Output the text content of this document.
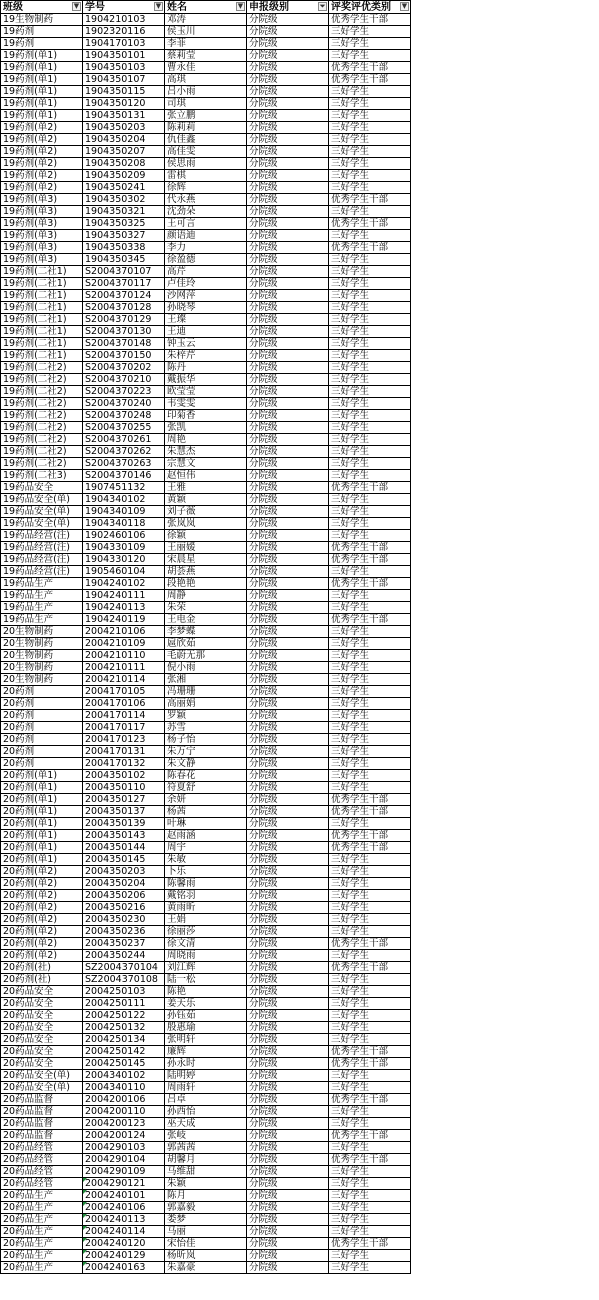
班级 ▼	学号 ▼	姓名 ▼	申报级别 ⏷	评奖评优类别 ▼

19生物制药	1904210103	邓涛	分院级	优秀学生干部
19药剂	1902320116	侯玉川	分院级	三好学生
19药剂	1904170103	李菲	分院级	三好学生
19药剂(单1)	1904350101	蔡莉莹	分院级	三好学生
19药剂(单1)	1904350103	曹永佳	分院级	优秀学生干部
19药剂(单1)	1904350107	高琪	分院级	优秀学生干部
19药剂(单1)	1904350115	吕小雨	分院级	三好学生
19药剂(单1)	1904350120	司琪	分院级	三好学生
19药剂(单1)	1904350131	张立鹏	分院级	三好学生
19药剂(单2)	1904350203	陈莉莉	分院级	三好学生
19药剂(单2)	1904350204	仇佳鑫	分院级	三好学生
19药剂(单2)	1904350207	高佳雯	分院级	三好学生
19药剂(单2)	1904350208	侯思雨	分院级	三好学生
19药剂(单2)	1904350209	雷棋	分院级	三好学生
19药剂(单2)	1904350241	徐辉	分院级	三好学生
19药剂(单3)	1904350302	代永燕	分院级	优秀学生干部
19药剂(单3)	1904350321	沈劲朵	分院级	三好学生
19药剂(单3)	1904350325	王可言	分院级	优秀学生干部
19药剂(单3)	1904350327	颜语迪	分院级	三好学生
19药剂(单3)	1904350338	李力	分院级	优秀学生干部
19药剂(单3)	1904350345	徐盈德	分院级	三好学生
19药剂(二社1)	S2004370107	高芹	分院级	三好学生
19药剂(二社1)	S2004370117	卢佳玲	分院级	三好学生
19药剂(二社1)	S2004370124	沙网萍	分院级	三好学生
19药剂(二社1)	S2004370128	孙晓琴	分院级	三好学生
19药剂(二社1)	S2004370129	王璨	分院级	三好学生
19药剂(二社1)	S2004370130	王迪	分院级	三好学生
19药剂(二社1)	S2004370148	钟玉云	分院级	三好学生
19药剂(二社1)	S2004370150	朱梓芹	分院级	三好学生
19药剂(二社2)	S2004370202	陈丹	分院级	三好学生
19药剂(二社2)	S2004370210	戴振华	分院级	三好学生
19药剂(二社2)	S2004370223	欧莹莹	分院级	三好学生
19药剂(二社2)	S2004370240	韦雯雯	分院级	三好学生
19药剂(二社2)	S2004370248	印菊香	分院级	三好学生
19药剂(二社2)	S2004370255	张凯	分院级	三好学生
19药剂(二社2)	S2004370261	周艳	分院级	三好学生
19药剂(二社2)	S2004370262	朱慧杰	分院级	三好学生
19药剂(二社2)	S2004370263	宗慧文	分院级	三好学生
19药剂(二社3)	S2004370146	赵恒伟	分院级	三好学生
19药品安全	1907451132	王雅	分院级	优秀学生干部
19药品安全(单)	1904340102	黄颖	分院级	三好学生
19药品安全(单)	1904340109	刘子薇	分院级	三好学生
19药品安全(单)	1904340118	张岚岚	分院级	三好学生
19药品经营(注)	1902460106	徐颖	分院级	三好学生
19药品经营(注)	1904330109	王丽媛	分院级	优秀学生干部
19药品经营(注)	1904330120	宋晨星	分院级	优秀学生干部
19药品经营(注)	1905460104	胡荟燕	分院级	三好学生
19药品生产	1904240102	段艳艳	分院级	优秀学生干部
19药品生产	1904240111	周静	分院级	三好学生
19药品生产	1904240113	朱荣	分院级	三好学生
19药品生产	1904240119	王电金	分院级	优秀学生干部
20生物制药	2004210106	李梦蝶	分院级	三好学生
20生物制药	2004210109	扈欣茹	分院级	三好学生
20生物制药	2004210110	毛蔚无那	分院级	三好学生
20生物制药	2004210111	倪小雨	分院级	三好学生
20生物制药	2004210114	张湘	分院级	三好学生
20药剂	2004170105	冯珊珊	分院级	三好学生
20药剂	2004170106	高丽娟	分院级	三好学生
20药剂	2004170114	罗颖	分院级	三好学生
20药剂	2004170117	苏雪	分院级	三好学生
20药剂	2004170123	杨子怡	分院级	三好学生
20药剂	2004170131	朱万宁	分院级	三好学生
20药剂	2004170132	朱文静	分院级	三好学生
20药剂(单1)	2004350102	陈春花	分院级	三好学生
20药剂(单1)	2004350110	符夏舒	分院级	三好学生
20药剂(单1)	2004350127	余妍	分院级	优秀学生干部
20药剂(单1)	2004350137	杨茜	分院级	优秀学生干部
20药剂(单1)	2004350139	叶琳	分院级	三好学生
20药剂(单1)	2004350143	赵雨涵	分院级	优秀学生干部
20药剂(单1)	2004350144	周宇	分院级	优秀学生干部
20药剂(单1)	2004350145	朱敏	分院级	三好学生
20药剂(单2)	2004350203	卜乐	分院级	三好学生
20药剂(单2)	2004350204	陈馨雨	分院级	三好学生
20药剂(单2)	2004350206	戴铭羽	分院级	三好学生
20药剂(单2)	2004350216	黄雨昕	分院级	三好学生
20药剂(单2)	2004350230	王娟	分院级	三好学生
20药剂(单2)	2004350236	徐丽莎	分院级	三好学生
20药剂(单2)	2004350237	徐文清	分院级	优秀学生干部
20药剂(单2)	2004350244	周晓雨	分院级	三好学生
20药剂(社)	SZ2004370104	刘江辉	分院级	优秀学生干部
20药剂(社)	SZ2004370108	陆一松	分院级	三好学生
20药品安全	2004250103	陈艳	分院级	三好学生
20药品安全	2004250111	姜天乐	分院级	三好学生
20药品安全	2004250122	孙钰茹	分院级	三好学生
20药品安全	2004250132	殷惠瑜	分院级	三好学生
20药品安全	2004250134	张明轩	分院级	三好学生
20药品安全	2004250142	廉辉	分院级	优秀学生干部
20药品安全	2004250145	孙永时	分院级	优秀学生干部
20药品安全(单)	2004340102	陆明婷	分院级	三好学生
20药品安全(单)	2004340110	周雨轩	分院级	三好学生
20药品监督	2004200106	吕卓	分院级	优秀学生干部
20药品监督	2004200110	孙西怡	分院级	三好学生
20药品监督	2004200123	巫天成	分院级	三好学生
20药品监督	2004200124	张岐	分院级	优秀学生干部
20药品经管	2004290103	郭茜茜	分院级	三好学生
20药品经管	2004290104	胡馨月	分院级	优秀学生干部
20药品经管	2004290109	马维甜	分院级	三好学生
20药品经管	2004290121	朱颖	分院级	三好学生
20药品生产	2004240101	陈月	分院级	三好学生
20药品生产	2004240106	郭嘉毅	分院级	三好学生
20药品生产	2004240113	娄梦	分院级	三好学生
20药品生产	2004240114	马丽	分院级	三好学生
20药品生产	2004240120	宋怡佳	分院级	优秀学生干部
20药品生产	2004240129	杨昕岚	分院级	三好学生
20药品生产	2004240163	朱嘉豪	分院级	三好学生
